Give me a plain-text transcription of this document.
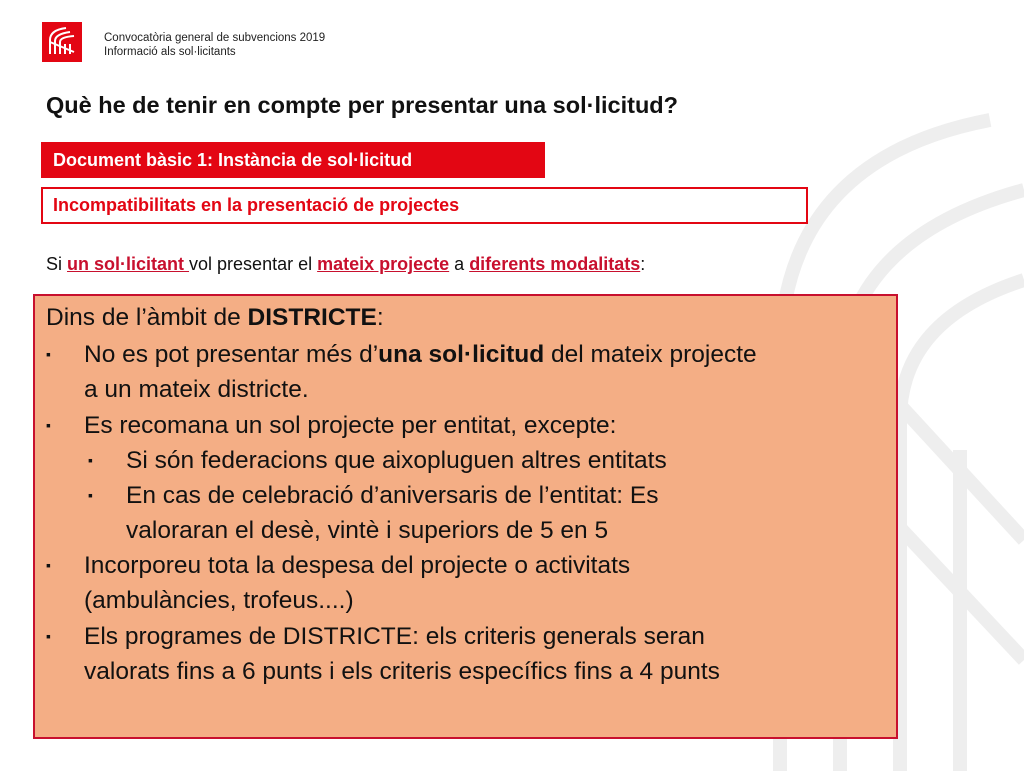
Convocatòria general de subvencions 2019
Informació als sol·licitants
Què he de tenir en compte per presentar una sol·licitud?
Document bàsic 1: Instància de sol·licitud
Incompatibilitats en la presentació de projectes
Si un sol·licitant vol presentar el mateix projecte a diferents modalitats:
Dins de l’àmbit de DISTRICTE:
▪ No es pot presentar més d’una sol·licitud del mateix projecte
a un mateix districte.
▪ Es recomana un sol projecte per entitat, excepte:
▪ Si són federacions que aixopluguen altres entitats
▪ En cas de celebració d’aniversaris de l’entitat: Es
valoraran el desè, vintè i superiors de 5 en 5
▪ Incorporeu tota la despesa del projecte o activitats
(ambulàncies, trofeus....)
▪ Els programes de DISTRICTE: els criteris generals seran
valorats fins a 6 punts i els criteris específics fins a 4 punts
